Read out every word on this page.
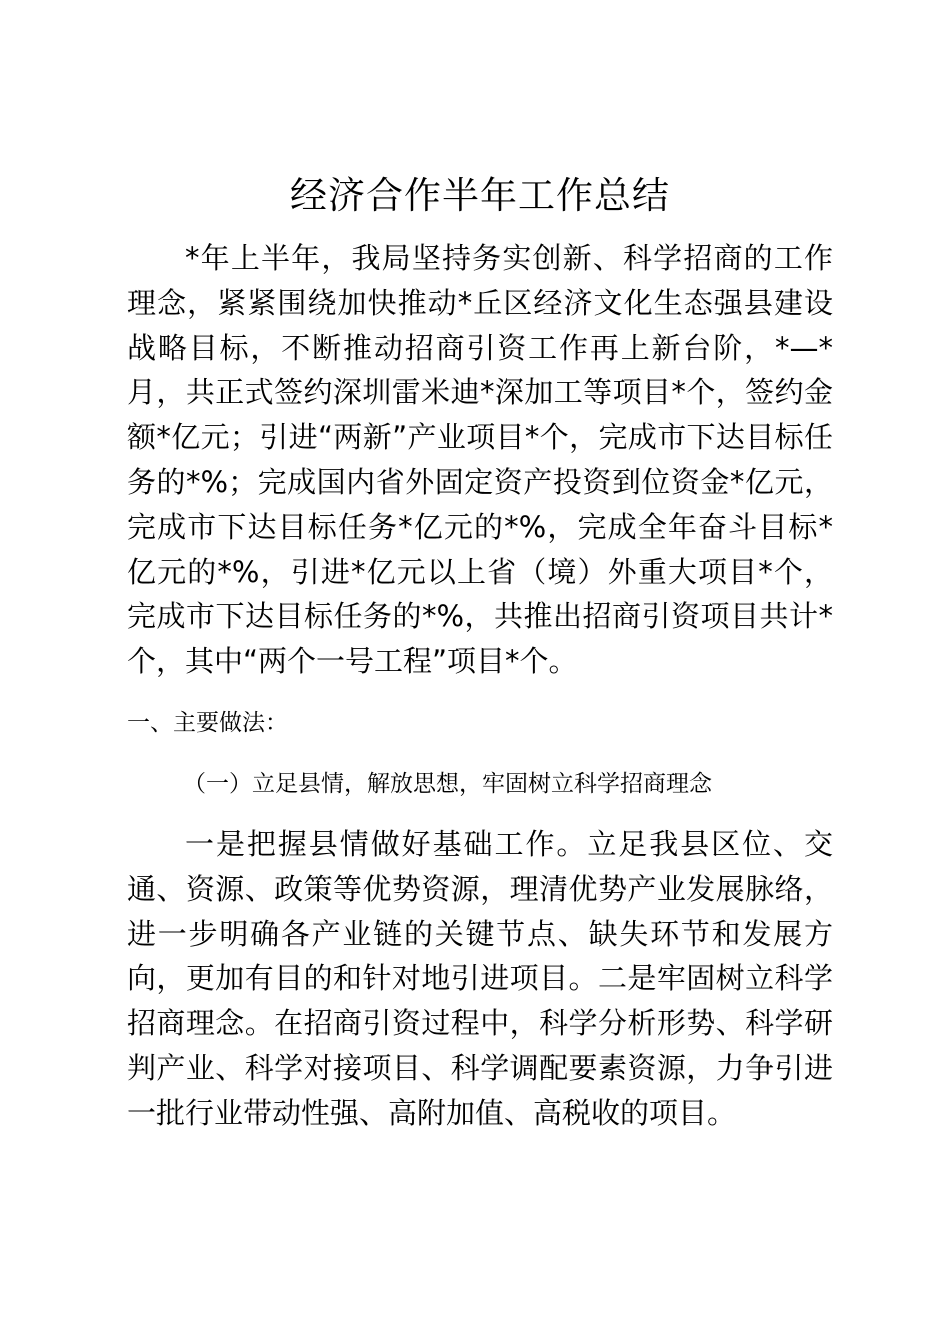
经济合作半年工作总结

*年上半年，我局坚持务实创新、科学招商的工作理念，紧紧围绕加快推动*丘区经济文化生态强县建设战略目标，不断推动招商引资工作再上新台阶，*—*月，共正式签约深圳雷米迪*深加工等项目*个，签约金额*亿元；引进“两新”产业项目*个，完成市下达目标任务的*%；完成国内省外固定资产投资到位资金*亿元，完成市下达目标任务*亿元的*%，完成全年奋斗目标*亿元的*%，引进*亿元以上省（境）外重大项目*个，完成市下达目标任务的*%，共推出招商引资项目共计*个，其中“两个一号工程”项目*个。

一、主要做法：
（一）立足县情，解放思想，牢固树立科学招商理念

一是把握县情做好基础工作。立足我县区位、交通、资源、政策等优势资源，理清优势产业发展脉络，进一步明确各产业链的关键节点、缺失环节和发展方向，更加有目的和针对地引进项目。二是牢固树立科学招商理念。在招商引资过程中，科学分析形势、科学研判产业、科学对接项目、科学调配要素资源，力争引进一批行业带动性强、高附加值、高税收的项目。
